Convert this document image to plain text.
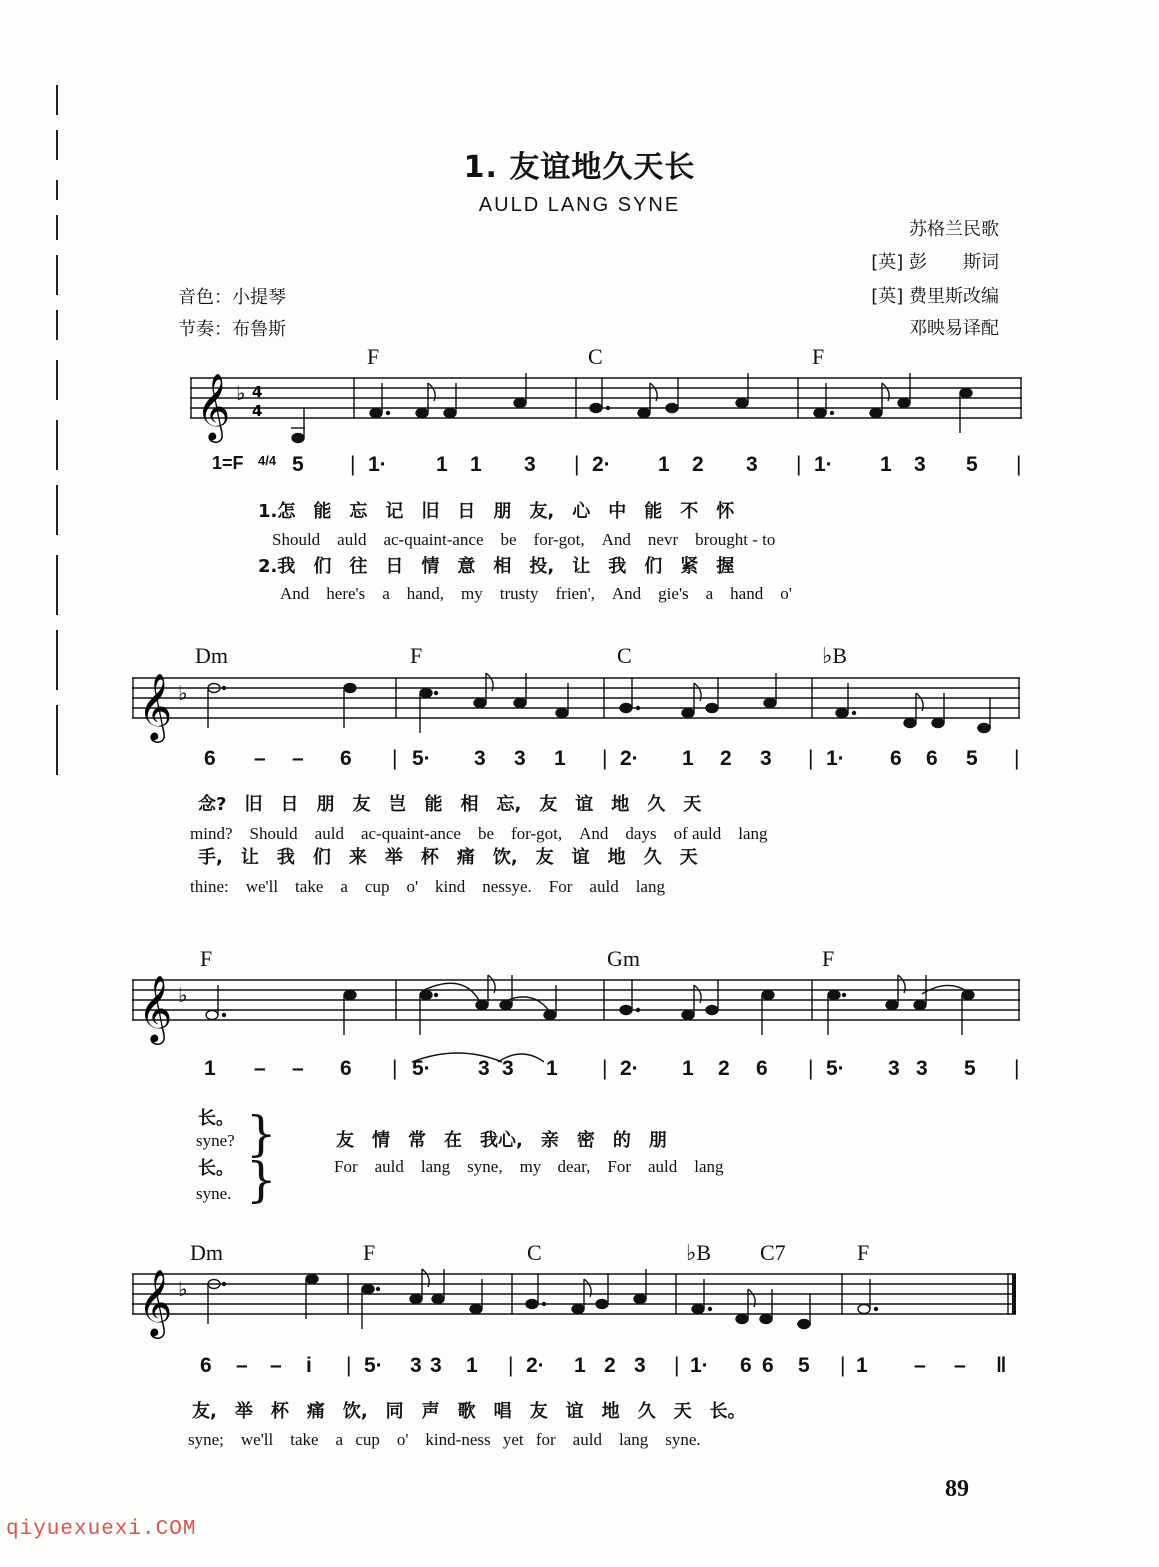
1. 友谊地久天长
AULD LANG SYNE
苏格兰民歌
[英] 彭　　斯词
[英] 费里斯改编
邓映易译配
音色：小提琴
节奏：布鲁斯
F	C	F
𝄞 ♭ 4
4
1=F 4/4 5 | 1· 1 1 3 | 2· 1 2 3 | 1· 1 3 5 |
1.怎　能　忘　记　旧　日　朋　友,　心　中　能　不　怀
Should　auld　ac-quaint-ance　be　for-got,　And　nevr　brought - to
2.我　们　往　日　情　意　相　投,　让　我　们　紧　握
And　here's　a　hand,　my　trusty　frien',　And　gie's　a　hand　o'
Dm	F	C	♭B
𝄞 ♭
6 – – 6 | 5· 3 3 1 | 2· 1 2 3 | 1· 6 6 5 |
念?　旧　日　朋　友　岂　能　相　忘,　友　谊　地　久　天
mind?　Should　auld　ac-quaint-ance　be　for-got,　And　days　of auld　lang
手,　让　我　们　来　举　杯　痛　饮,　友　谊　地　久　天
thine:　we'll　take　a　cup　o'　kind　nessye.　For　auld　lang
F	Gm	F
𝄞 ♭
1 – – 6 | 5· 3 3 1 | 2· 1 2 6 | 5· 3 3 5 |
长。
syne?
长。
syne.
}
}
友　情　常　在　我心,　亲　密　的　朋
For　auld　lang　syne,　my dear,　For　auld　lang
Dm	F	C	♭B C7	F
𝄞 ♭
6 – – i | 5· 3 3 1 | 2· 1 2 3 | 1· 6 6 5 | 1 – – ‖
友,　举　杯　痛　饮,　同　声　歌　唱　友　谊　地　久　天　长。
syne;　we'll　take　a cup　o'　kind-ness yet for　auld　lang　syne.
89
qiyuexuexi.COM
